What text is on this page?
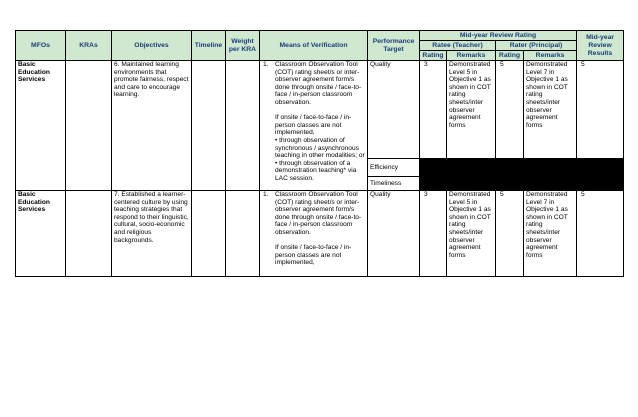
MFOs	KRAs	Objectives	Timeline	Weight per KRA	Means of Verification	Performance Target	Mid-year Review Rating				Mid-year Review Results
							Ratee (Teacher)		Rater (Principal)		
							Rating	Remarks	Rating	Remarks	
Basic Education Services		6. Maintained learning environments that promote fairness, respect and care to encourage learning.			1. Classroom Observation Tool (COT) rating sheet/s or inter-observer agreement form/s done through onsite / face-to-face / in-person classroom observation.

If onsite / face-to-face / in-person classes are not implemented,

• through observation of synchronous / asynchronous teaching in other modalities; or

• through observation of a demonstration teaching* via LAC session.	Quality	3	Demonstrated Level 5 in Objective 1 as shown in COT rating sheets/inter observer agreement forms	5	Demonstrated Level 7 in Objective 1 as shown in COT rating sheets/inter observer agreement forms	5
						Efficiency					
						Timeliness					
Basic Education Services		7. Established a learner-centered culture by using teaching strategies that respond to their linguistic, cultural, socio-economic and religious backgrounds.			1. Classroom Observation Tool (COT) rating sheet/s or inter-observer agreement form/s done through onsite / face-to-face / in-person classroom observation.

If onsite / face-to-face / in-person classes are not implemented,	Quality	3	Demonstrated Level 5 in Objective 1 as shown in COT rating sheets/inter observer agreement forms	5	Demonstrated Level 7 in Objective 1 as shown in COT rating sheets/inter observer agreement forms	5
